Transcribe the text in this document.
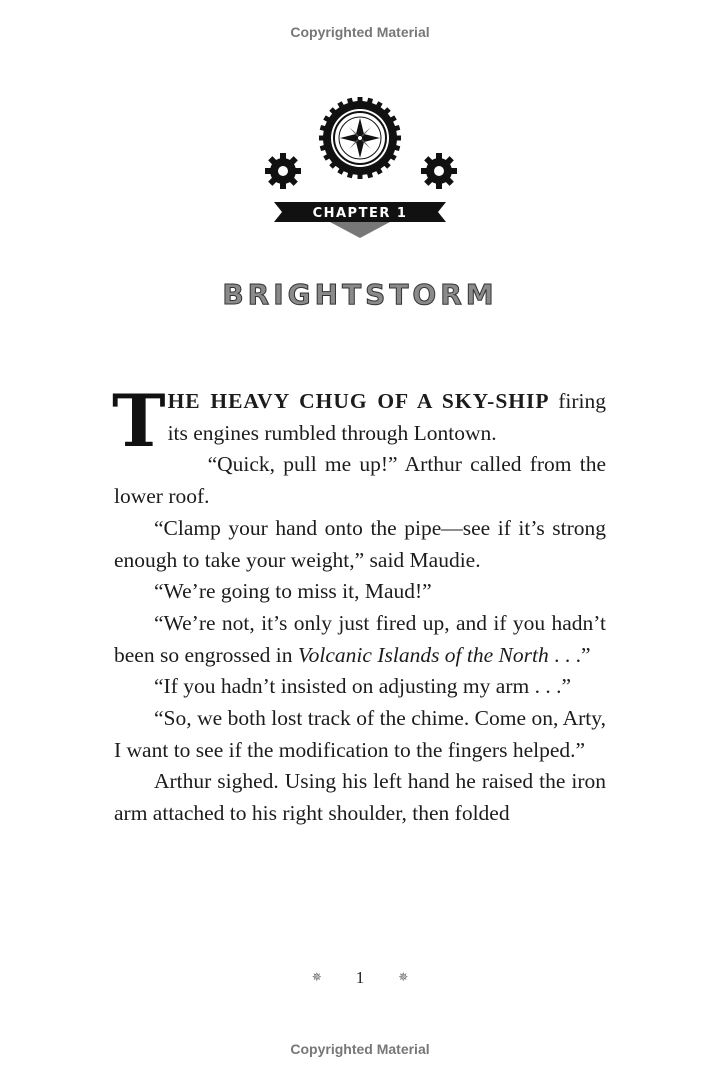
Copyrighted Material
CHAPTER 1
BRIGHTSTORM

THE HEAVY CHUG OF A SKY-SHIP firing its engines rumbled through Lontown.

“Quick, pull me up!” Arthur called from the lower roof.

“Clamp your hand onto the pipe—see if it’s strong enough to take your weight,” said Maudie.

“We’re going to miss it, Maud!”

“We’re not, it’s only just fired up, and if you hadn’t been so engrossed in Volcanic Islands of the North . . .”

“If you hadn’t insisted on adjusting my arm . . .”

“So, we both lost track of the chime. Come on, Arty, I want to see if the modification to the fingers helped.”

Arthur sighed. Using his left hand he raised the iron arm attached to his right shoulder, then folded

✵ 1	✵
Copyrighted Material
